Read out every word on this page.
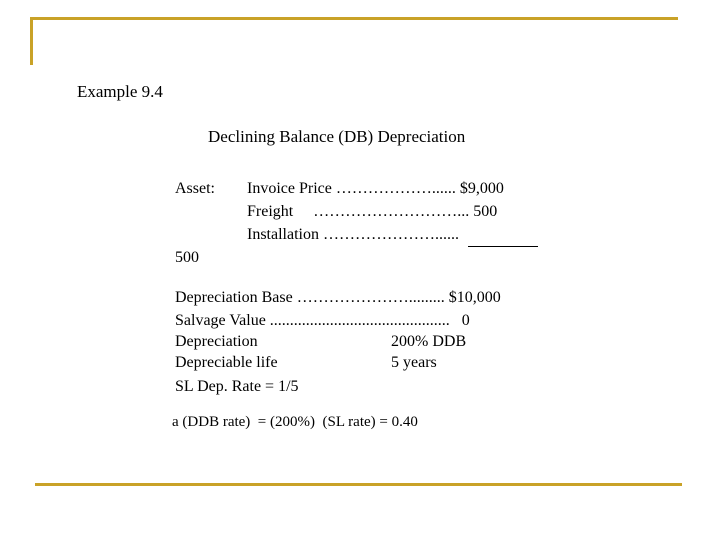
Example 9.4
Declining Balance (DB) Depreciation
Asset: Invoice Price ………………...... $9,000
Freight     ………………………... 500
Installation …………………......
500
Depreciation Base …………………......... $10,000
Salvage Value .............................................   0
Depreciation	200% DDB
Depreciable life	5 years
SL Dep. Rate = 1/5
a (DDB rate)  = (200%)  (SL rate) = 0.40
